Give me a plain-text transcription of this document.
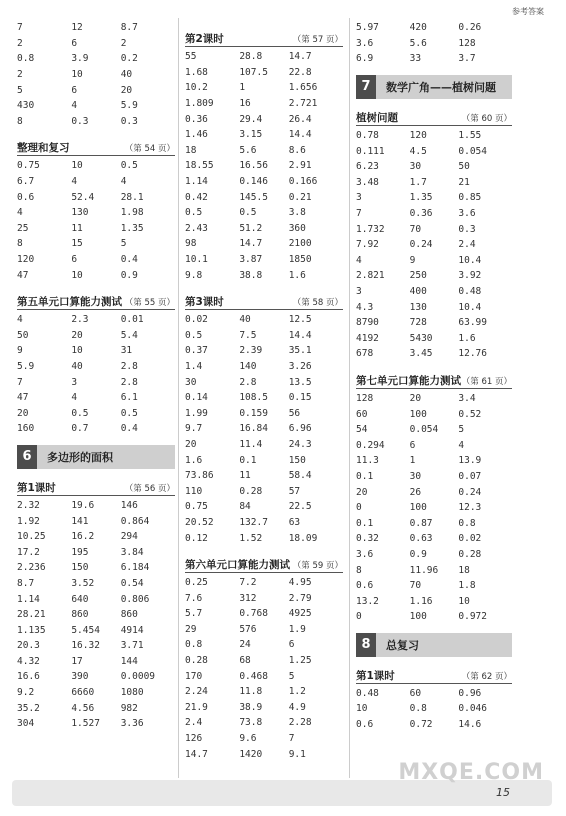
参考答案
7	12	8.7
2	6	2
0.8	3.9	0.2
2	10	40
5	6	20
430	4	5.9
8	0.3	0.3
整理和复习	（第 54 页）
0.75	10	0.5
6.7	4	4
0.6	52.4	28.1
4	130	1.98
25	11	1.35
8	15	5
120	6	0.4
47	10	0.9
第五单元口算能力测试 （第 55 页）
4	2.3	0.01
50	20	5.4
9	10	31
5.9	40	2.8
7	3	2.8
47	4	6.1
20	0.5	0.5
160	0.7	0.4
6	多边形的面积
第1课时	（第 56 页）
2.32	19.6	146
1.92	141	0.864
10.25	16.2	294
17.2	195	3.84
2.236	150	6.184
8.7	3.52	0.54
1.14	640	0.806
28.21	860	860
1.135	5.454	4914
20.3	16.32	3.71
4.32	17	144
16.6	390	0.0009
9.2	6660	1080
35.2	4.56	982
304	1.527	3.36
第2课时	（第 57 页）
55	28.8	14.7
1.68	107.5	22.8
10.2	1	1.656
1.809	16	2.721
0.36	29.4	26.4
1.46	3.15	14.4
18	5.6	8.6
18.55	16.56	2.91
1.14	0.146	0.166
0.42	145.5	0.21
0.5	0.5	3.8
2.43	51.2	360
98	14.7	2100
10.1	3.87	1850
9.8	38.8	1.6
第3课时	（第 58 页）
0.02	40	12.5
0.5	7.5	14.4
0.37	2.39	35.1
1.4	140	3.26
30	2.8	13.5
0.14	108.5	0.15
1.99	0.159	56
9.7	16.84	6.96
20	11.4	24.3
1.6	0.1	150
73.86	11	58.4
110	0.28	57
0.75	84	22.5
20.52	132.7	63
0.12	1.52	18.09
第六单元口算能力测试 （第 59 页）
0.25	7.2	4.95
7.6	312	2.79
5.7	0.768	4925
29	576	1.9
0.8	24	6
0.28	68	1.25
170	0.468	5
2.24	11.8	1.2
21.9	38.9	4.9
2.4	73.8	2.28
126	9.6	7
14.7	1420	9.1
5.97	420	0.26
3.6	5.6	128
6.9	33	3.7
7	数学广角——植树问题
植树问题	（第 60 页）
0.78	120	1.55
0.111	4.5	0.054
6.23	30	50
3.48	1.7	21
3	1.35	0.85
7	0.36	3.6
1.732	70	0.3
7.92	0.24	2.4
4	9	10.4
2.821	250	3.92
3	400	0.48
4.3	130	10.4
8790	728	63.99
4192	5430	1.6
678	3.45	12.76
第七单元口算能力测试 （第 61 页）
128	20	3.4
60	100	0.52
54	0.054	5
0.294	6	4
11.3	1	13.9
0.1	30	0.07
20	26	0.24
0	100	12.3
0.1	0.87	0.8
0.32	0.63	0.02
3.6	0.9	0.28
8	11.96	18
0.6	70	1.8
13.2	1.16	10
0	100	0.972
8	总复习
第1课时	（第 62 页）
0.48	60	0.96
10	0.8	0.046
0.6	0.72	14.6
MXQE.COM
15
